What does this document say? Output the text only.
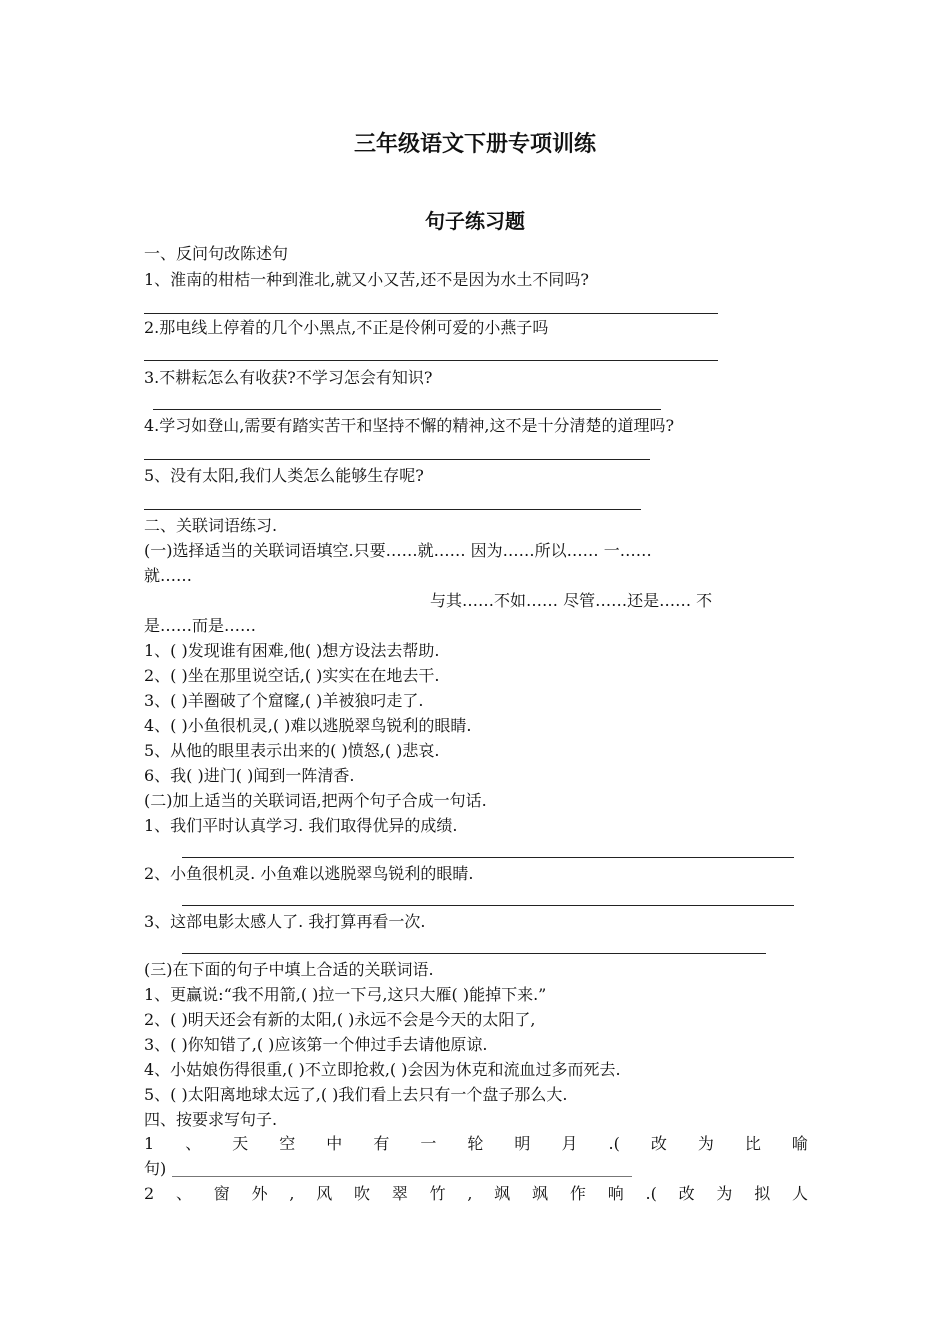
三年级语文下册专项训练
句子练习题
一、反问句改陈述句
1、淮南的柑桔一种到淮北,就又小又苦,还不是因为水土不同吗?
2.那电线上停着的几个小黑点,不正是伶俐可爱的小燕子吗
3.不耕耘怎么有收获?不学习怎会有知识?
4.学习如登山,需要有踏实苦干和坚持不懈的精神,这不是十分清楚的道理吗?
5、没有太阳,我们人类怎么能够生存呢?
二、关联词语练习.
(一)选择适当的关联词语填空.只要……就…… 因为……所以…… 一……
就……
与其……不如…… 尽管……还是…… 不
是……而是……
1、( )发现谁有困难,他( )想方设法去帮助.
2、( )坐在那里说空话,( )实实在在地去干.
3、( )羊圈破了个窟窿,( )羊被狼叼走了.
4、( )小鱼很机灵,( )难以逃脱翠鸟锐利的眼睛.
5、从他的眼里表示出来的( )愤怒,( )悲哀.
6、我( )进门( )闻到一阵清香.
(二)加上适当的关联词语,把两个句子合成一句话.
1、我们平时认真学习. 我们取得优异的成绩.
2、小鱼很机灵. 小鱼难以逃脱翠鸟锐利的眼睛.
3、这部电影太感人了. 我打算再看一次.
(三)在下面的句子中填上合适的关联词语.
1、更赢说:“我不用箭,( )拉一下弓,这只大雁( )能掉下来.”
2、( )明天还会有新的太阳,( )永远不会是今天的太阳了,
3、( )你知错了,( )应该第一个伸过手去请他原谅.
4、小姑娘伤得很重,( )不立即抢救,( )会因为休克和流血过多而死去.
5、( )太阳离地球太远了,( )我们看上去只有一个盘子那么大.
四、按要求写句子.
1 、 天 空 中 有 一 轮 明 月 .( 改 为 比 喻
句)
2 、 窗 外 , 风 吹 翠 竹 , 飒 飒 作 响 .( 改 为 拟 人
